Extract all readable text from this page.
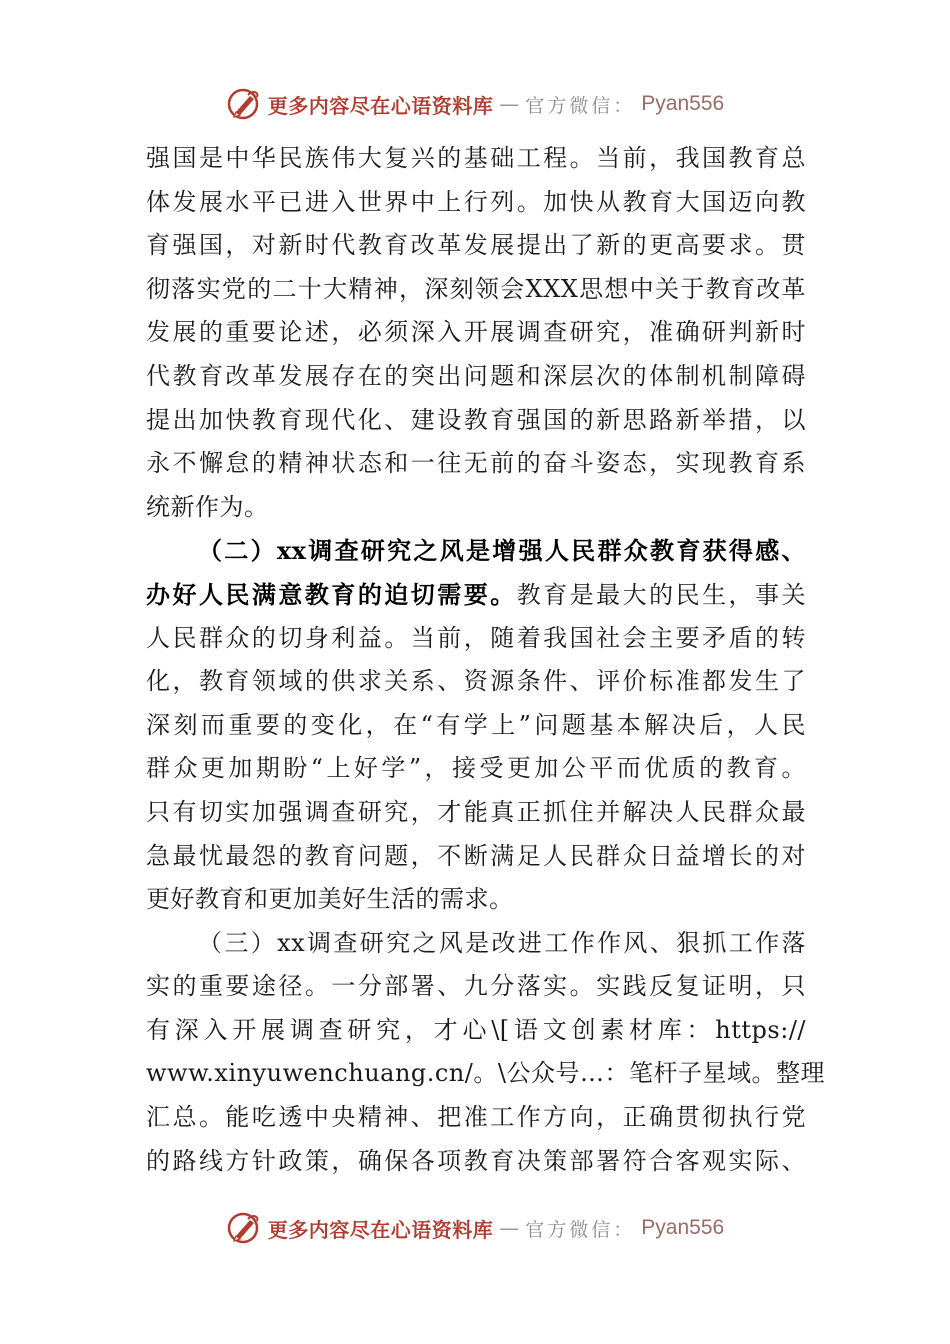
更多内容尽在心语资料库 — 官方微信： Pyan556
强国是中华民族伟大复兴的基础工程。当前，我国教育总
体发展水平已进入世界中上行列。加快从教育大国迈向教
育强国，对新时代教育改革发展提出了新的更高要求。贯
彻落实党的二十大精神，深刻领会XXX思想中关于教育改革
发展的重要论述，必须深入开展调查研究，准确研判新时
代教育改革发展存在的突出问题和深层次的体制机制障碍
提出加快教育现代化、建设教育强国的新思路新举措，以
永不懈怠的精神状态和一往无前的奋斗姿态，实现教育系
统新作为。
（二）xx调查研究之风是增强人民群众教育获得感、
办好人民满意教育的迫切需要。教育是最大的民生，事关
人民群众的切身利益。当前，随着我国社会主要矛盾的转
化，教育领域的供求关系、资源条件、评价标准都发生了
深刻而重要的变化，在“有学上”问题基本解决后，人民
群众更加期盼“上好学”，接受更加公平而优质的教育。
只有切实加强调查研究，才能真正抓住并解决人民群众最
急最忧最怨的教育问题，不断满足人民群众日益增长的对
更好教育和更加美好生活的需求。
（三）xx调查研究之风是改进工作作风、狠抓工作落
实的重要途径。一分部署、九分落实。实践反复证明，只
有深入开展调查研究，才心\[语文创素材库：https://
www.xinyuwenchuang.cn/。\公众号…：笔杆子星域。整理
汇总。能吃透中央精神、把准工作方向，正确贯彻执行党
的路线方针政策，确保各项教育决策部署符合客观实际、
更多内容尽在心语资料库 — 官方微信： Pyan556
